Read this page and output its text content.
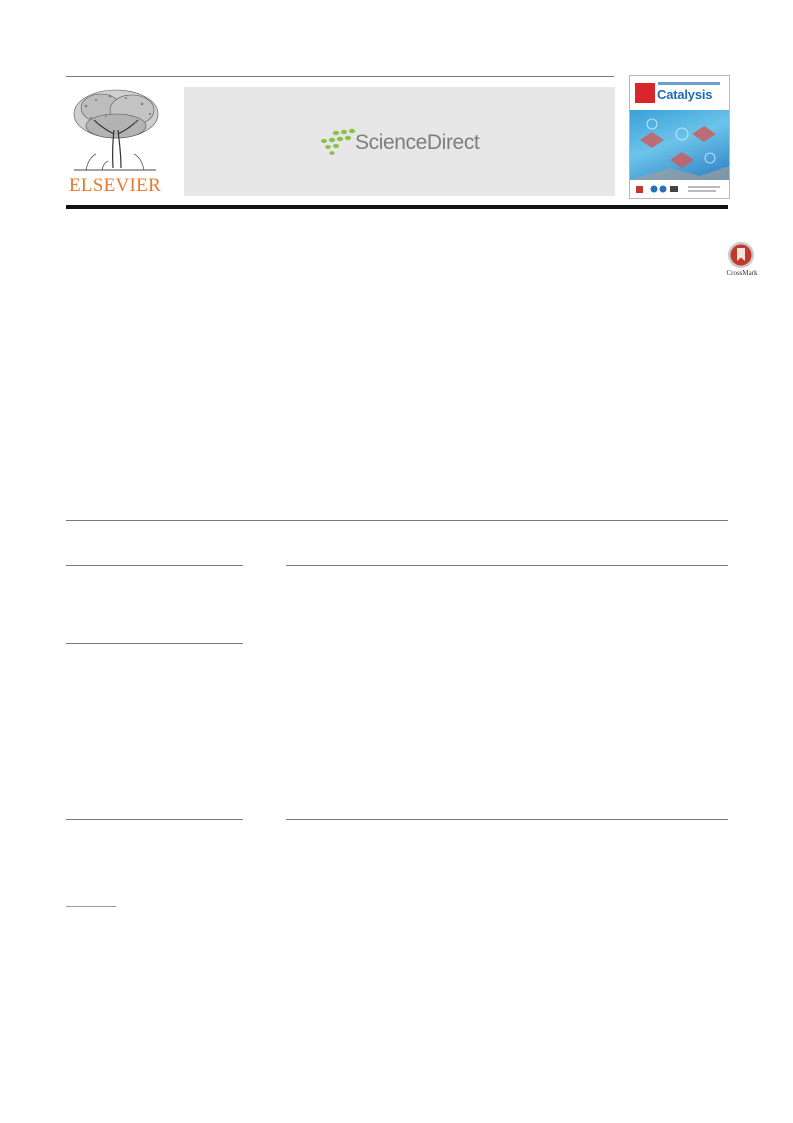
ELSEVIER
ScienceDirect
Catalysis
CrossMark
